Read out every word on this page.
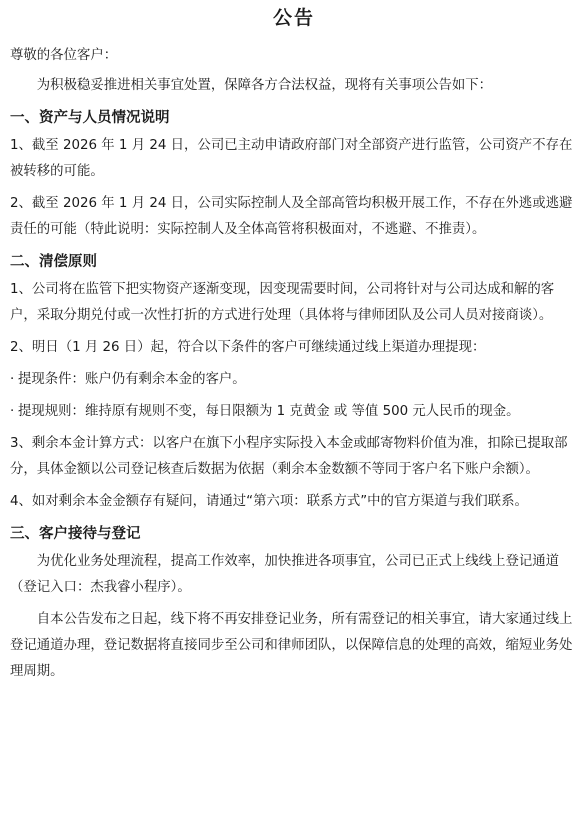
公告

尊敬的各位客户：

为积极稳妥推进相关事宜处置，保障各方合法权益，现将有关事项公告如下：

一、资产与人员情况说明

1、截至 2026 年 1 月 24 日，公司已主动申请政府部门对全部资产进行监管，公司资产不存在被转移的可能。

2、截至 2026 年 1 月 24 日，公司实际控制人及全部高管均积极开展工作，不存在外逃或逃避责任的可能（特此说明：实际控制人及全体高管将积极面对，不逃避、不推责）。

二、清偿原则

1、公司将在监管下把实物资产逐渐变现，因变现需要时间，公司将针对与公司达成和解的客户，采取分期兑付或一次性打折的方式进行处理（具体将与律师团队及公司人员对接商谈）。

2、明日（1 月 26 日）起，符合以下条件的客户可继续通过线上渠道办理提现：

· 提现条件：账户仍有剩余本金的客户。

· 提现规则：维持原有规则不变，每日限额为 1 克黄金 或 等值 500 元人民币的现金。

3、剩余本金计算方式：以客户在旗下小程序实际投入本金或邮寄物料价值为准，扣除已提取部分，具体金额以公司登记核查后数据为依据（剩余本金数额不等同于客户名下账户余额）。

4、如对剩余本金金额存有疑问，请通过“第六项：联系方式”中的官方渠道与我们联系。

三、客户接待与登记

为优化业务处理流程，提高工作效率，加快推进各项事宜，公司已正式上线线上登记通道（登记入口：杰我睿小程序）。

自本公告发布之日起，线下将不再安排登记业务，所有需登记的相关事宜，请大家通过线上登记通道办理，登记数据将直接同步至公司和律师团队，以保障信息的处理的高效，缩短业务处理周期。
